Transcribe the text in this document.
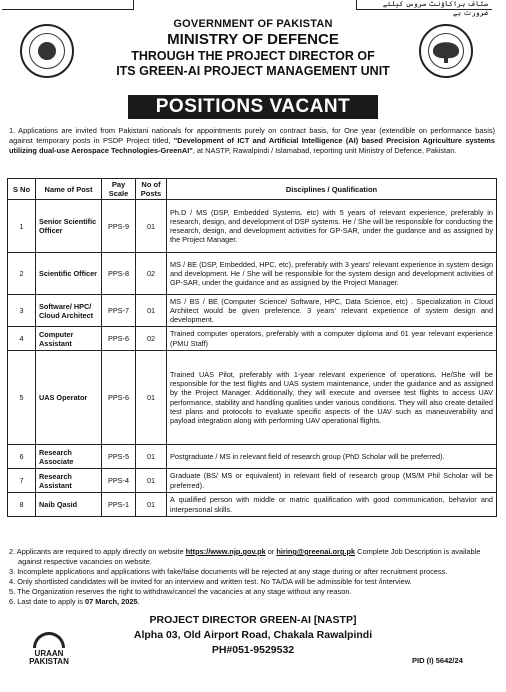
سٹاف ہراکاؤنٹ سروس کیلئے ضرورت ہے
GOVERNMENT OF PAKISTAN
MINISTRY OF DEFENCE
THROUGH THE PROJECT DIRECTOR OF
ITS GREEN-AI PROJECT MANAGEMENT UNIT
POSITIONS VACANT
1. Applications are invited from Pakistani nationals for appointments purely on contract basis, for One year (extendible on performance basis) against temporary posts in PSDP Project titled, "Development of ICT and Artificial Intelligence (AI) based Precision Agriculture systems utilizing dual-use Aerospace Technologies-GreenAI", at NASTP, Rawalpindi / Islamabad, reporting unit Ministry of Defence, Pakistan.
S No	Name of Post	Pay Scale	No of Posts	Disciplines / Qualification
1	Senior Scientific Officer	PPS-9	01	Ph.D / MS (DSP, Embedded Systems. etc) with 5 years of relevant experience, preferably in research, design, and development of DSP systems. He / She will be responsible for conducting the research, design, and development activities for GP-SAR, under the guidance and as assigned by the Project Manager.
2	Scientific Officer	PPS-8	02	MS / BE (DSP, Embedded, HPC, etc), preferably with 3 years' relevant experience in system design and development. He / She will be responsible for the system design and development activities of GP-SAR, under the guidance and as assigned by the Project Manager.
3	Software/ HPC/ Cloud Architect	PPS-7	01	MS / BS / BE (Computer Science/ Software, HPC, Data Science, etc) . Specialization in Cloud Architect would be given preference. 3 years' relevant experience of system design and development.
4	Computer Assistant	PPS-6	02	Trained computer operators, preferably with a computer diploma and 01 year relevant experience (PMU Staff)
5	UAS Operator	PPS-6	01	Trained UAS Pilot, preferably with 1-year relevant experience of operations. He/She will be responsible for the test flights and UAS system maintenance, under the guidance and as assigned by the Project Manager. Additionally, they will execute and oversee test flights to access UAV performance, stability and handling qualities under various conditions. They will also create detailed test plans and protocols to evaluate specific aspects of the UAV such as maneuverability and payload integration along with performing UAV operational flights.
6	Research Associate	PPS-5	01	Postgraduate / MS in relevant field of research group (PhD Scholar will be preferred).
7	Research Assistant	PPS-4	01	Graduate (BS/ MS or equivalent) in relevant field of research group (MS/M Phil Scholar will be preferred).
8	Naib Qasid	PPS-1	01	A qualified person with middle or matric qualification with good communication, behavior and interpersonal skills.
2. Applicants are required to apply directly on website https://www.njp.gov.pk or hiring@greenai.org.pk Complete Job Description is available against respective vacancies on website.
3. Incomplete applications and applications with fake/false documents will be rejected at any stage during or after recruitment process.
4. Only shortlisted candidates will be invited for an interview and written test. No TA/DA will be admissible for test /interview.
5. The Organization reserves the right to withdraw/cancel the vacancies at any stage without any reason.
6. Last date to apply is 07 March, 2025.
PROJECT DIRECTOR GREEN-AI [NASTP]
Alpha 03, Old Airport Road, Chakala Rawalpindi
PH#051-9529532
URAAN
PAKISTAN	PID (I) 5642/24
